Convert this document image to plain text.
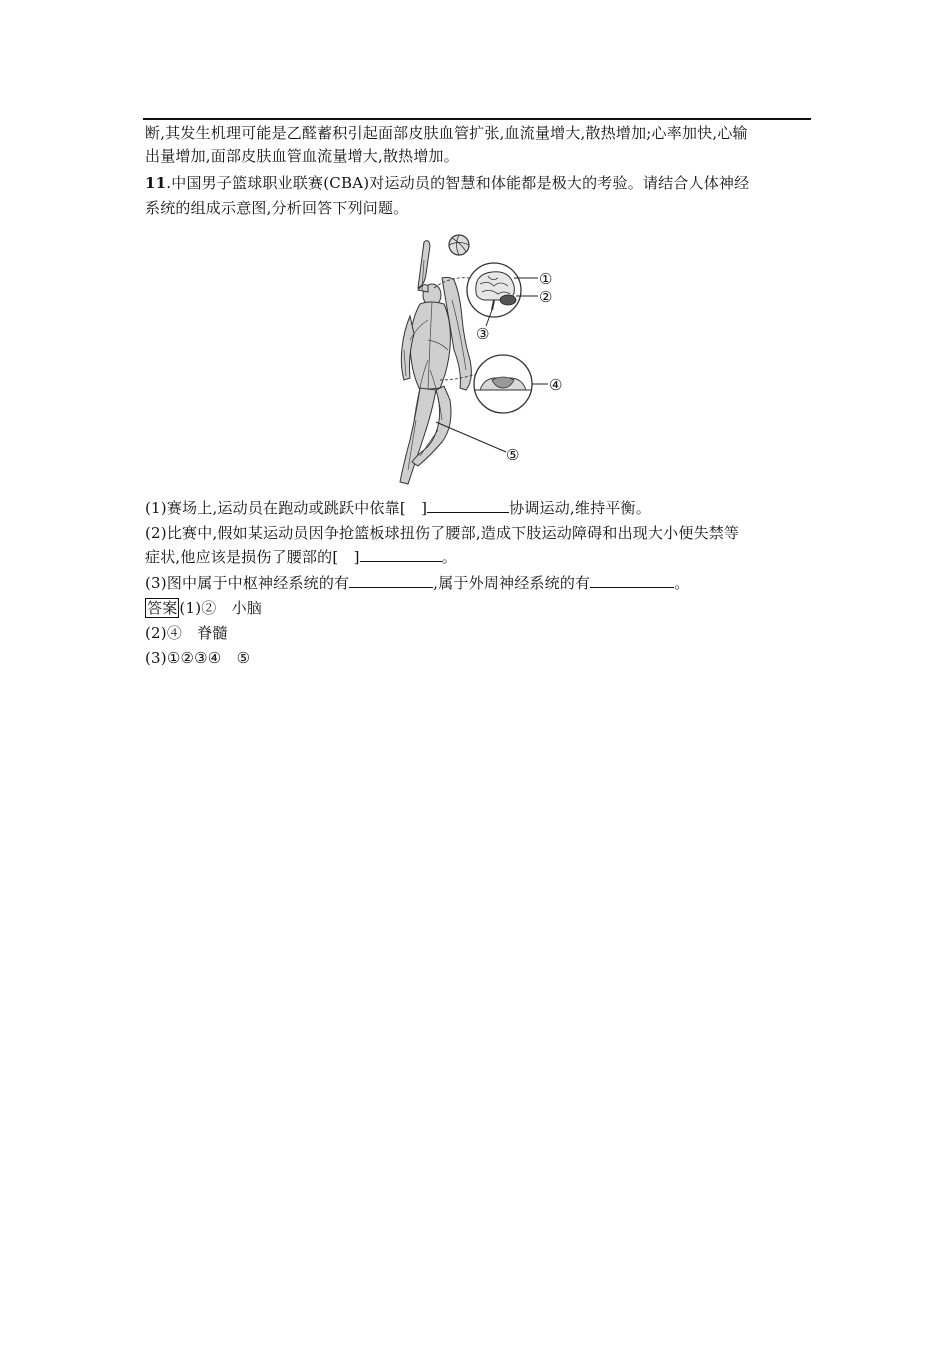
断,其发生机理可能是乙醛蓄积引起面部皮肤血管扩张,血流量增大,散热增加;心率加快,心输
出量增加,面部皮肤血管血流量增大,散热增加。
11.中国男子篮球职业联赛(CBA)对运动员的智慧和体能都是极大的考验。请结合人体神经
系统的组成示意图,分析回答下列问题。
①
②
③
④
⑤
(1)赛场上,运动员在跑动或跳跃中依靠[　]	协调运动,维持平衡。
(2)比赛中,假如某运动员因争抢篮板球扭伤了腰部,造成下肢运动障碍和出现大小便失禁等
症状,他应该是损伤了腰部的[　]	。
(3)图中属于中枢神经系统的有	,属于外周神经系统的有	。
答案 (1)②　小脑
(2)④　脊髓
(3)①②③④　⑤
